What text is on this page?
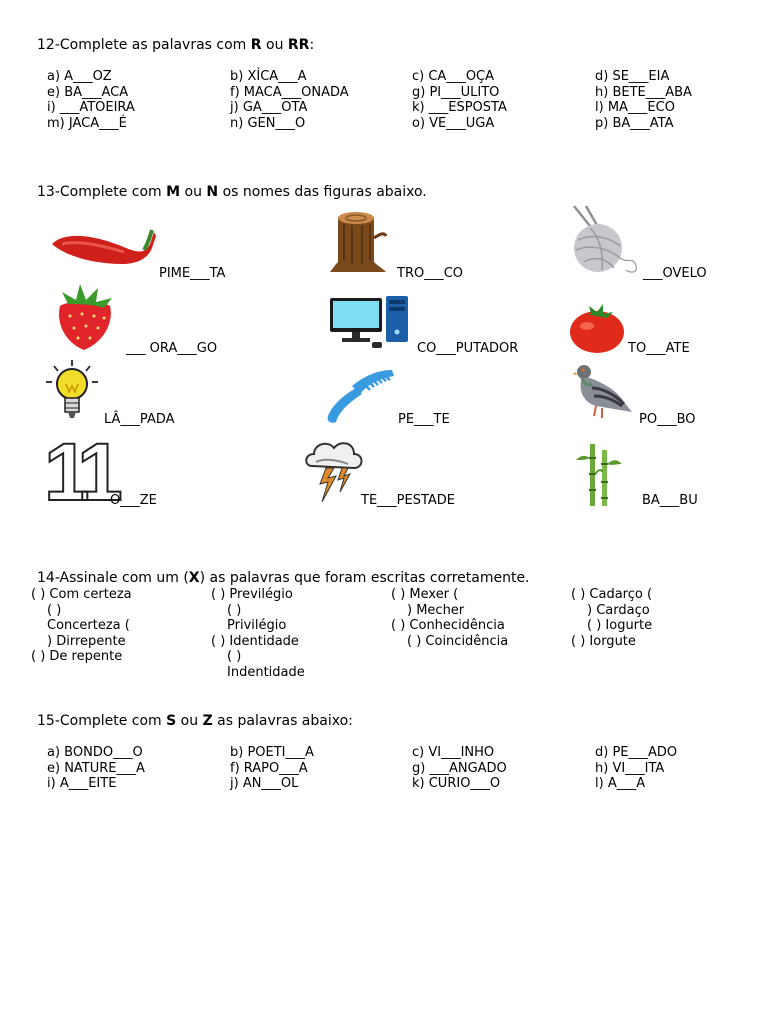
12-Complete as palavras com R ou RR:
a) A___OZ	b) XÍCA___A	c) CA___OÇA	d) SE___EIA
e) BA___ACA	f) MACA___ONADA	g) PI___ULITO	h) BETE___ABA
i) ___ATOEIRA	j) GA___OTA	k) ___ESPOSTA	l) MA___ECO
m) JACA___É	n) GEN___O	o) VE___UGA	p) BA___ATA
13-Complete com M ou N os nomes das figuras abaixo.
PIME___TA	TRO___CO	___OVELO
___ ORA___GO	CO___PUTADOR	TO___ATE
LÂ___PADA	PE___TE	PO___BO
11
O___ZE	TE___PESTADE	BA___BU
14-Assinale com um (X) as palavras que foram escritas corretamente.
( ) Com certeza
( )
Concerteza (
) Dirrepente
( ) De repente
( ) Previlégio
( )
Privilégio
( ) Identidade
( )
Indentidade
( ) Mexer (
) Mecher
( ) Conhecidência
( ) Coincidência
( ) Cadarço (
) Cardaço
( ) Iogurte
( ) Iorgute
15-Complete com S ou Z as palavras abaixo:
a) BONDO___O	b) POETI___A	c) VI___INHO	d) PE___ADO
e) NATURE___A	f) RAPO___A	g) ___ANGADO	h) VI___ITA
i) A___EITE	j) AN___OL	k) CURIO___O	l) A___A
